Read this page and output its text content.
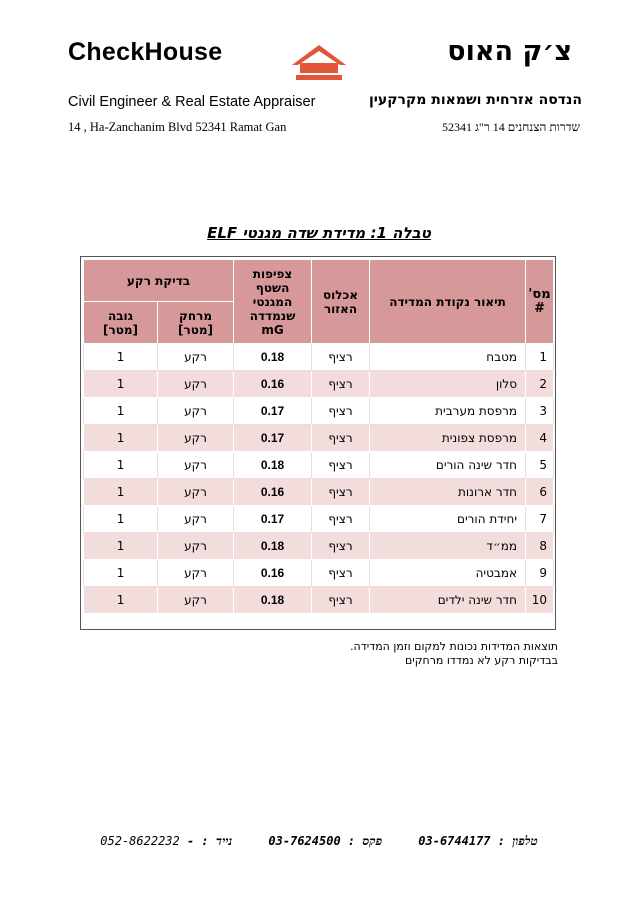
CheckHouse	צ׳ק האוס
Civil Engineer & Real Estate Appraiser	הנדסה אזרחית ושמאות מקרקעין
14 , Ha-Zanchanim Blvd 52341 Ramat Gan	שדרות הצנחנים 14 ר"ג 52341
טבלה 1: מדידת שדה מגנטי ELF
מס' #	תיאור נקודת המדידה	אכלוס האזור	צפיפות השטף המגנטי שנמדדה mG	בדיקת רקע	
				מרחק [מטר]	גובה [מטר]
1	מטבח	רציף	0.18	רקע	1
2	סלון	רציף	0.16	רקע	1
3	מרפסת מערבית	רציף	0.17	רקע	1
4	מרפסת צפונית	רציף	0.17	רקע	1
5	חדר שינה הורים	רציף	0.18	רקע	1
6	חדר ארונות	רציף	0.16	רקע	1
7	יחידת הורים	רציף	0.17	רקע	1
8	ממ״ד	רציף	0.18	רקע	1
9	אמבטיה	רציף	0.16	רקע	1
10	חדר שינה ילדים	רציף	0.18	רקע	1
תוצאות המדידות נכונות למקום וזמן המדידה.
בבדיקות רקע לא נמדדו מרחקים
טלפון : 03-6744177     פקס : 03-7624500     נייד : - 052-8622232
